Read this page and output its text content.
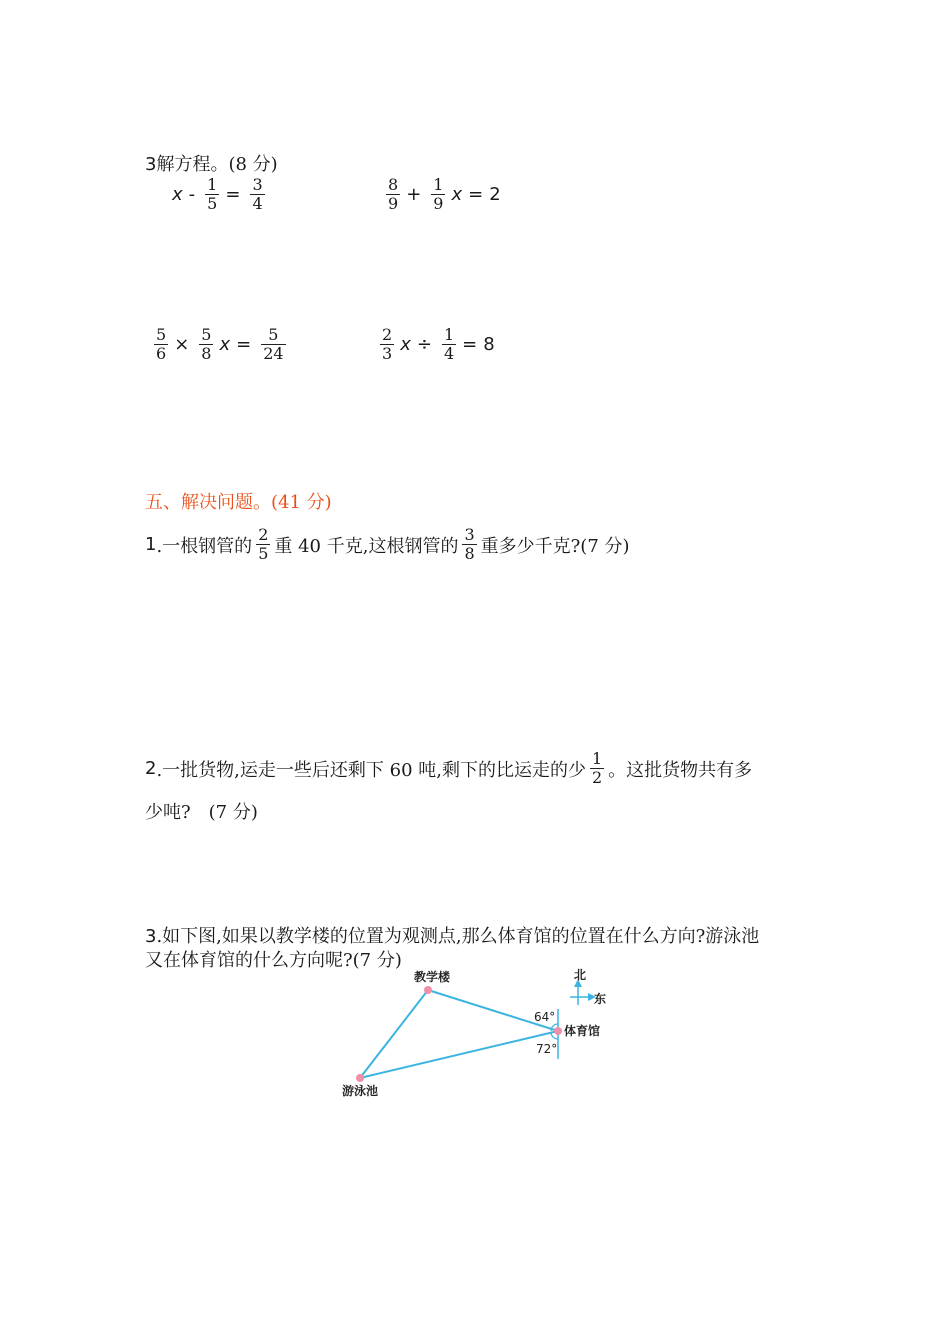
3解方程。(8 分)
$x - \frac{1}{5} = \frac{3}{4}$	$\frac{8}{9} + \frac{1}{9}$ x = 2
$\frac{5}{6} \times \frac{5}{8}$ $x = \frac{5}{24}$	$\frac{2}{3}$ $x \div \frac{1}{4} = 8$
五、解决问题。(41 分)
1 .一根钢管的 $\frac{2}{5}$ 重 40 千克,这根钢管的 $\frac{3}{8}$ 重多少千克?(7 分)
2 .一批货物,运走一些后还剩下 60 吨,剩下的比运走的少 $\frac{1}{2}$ 。这批货物共有多
少吨?　(7 分)
3.如下图,如果以教学楼的位置为观测点,那么体育馆的位置在什么方向?游泳池
又在体育馆的什么方向呢?(7 分)
北
东
教学楼
体育馆
游泳池
64°
72°
